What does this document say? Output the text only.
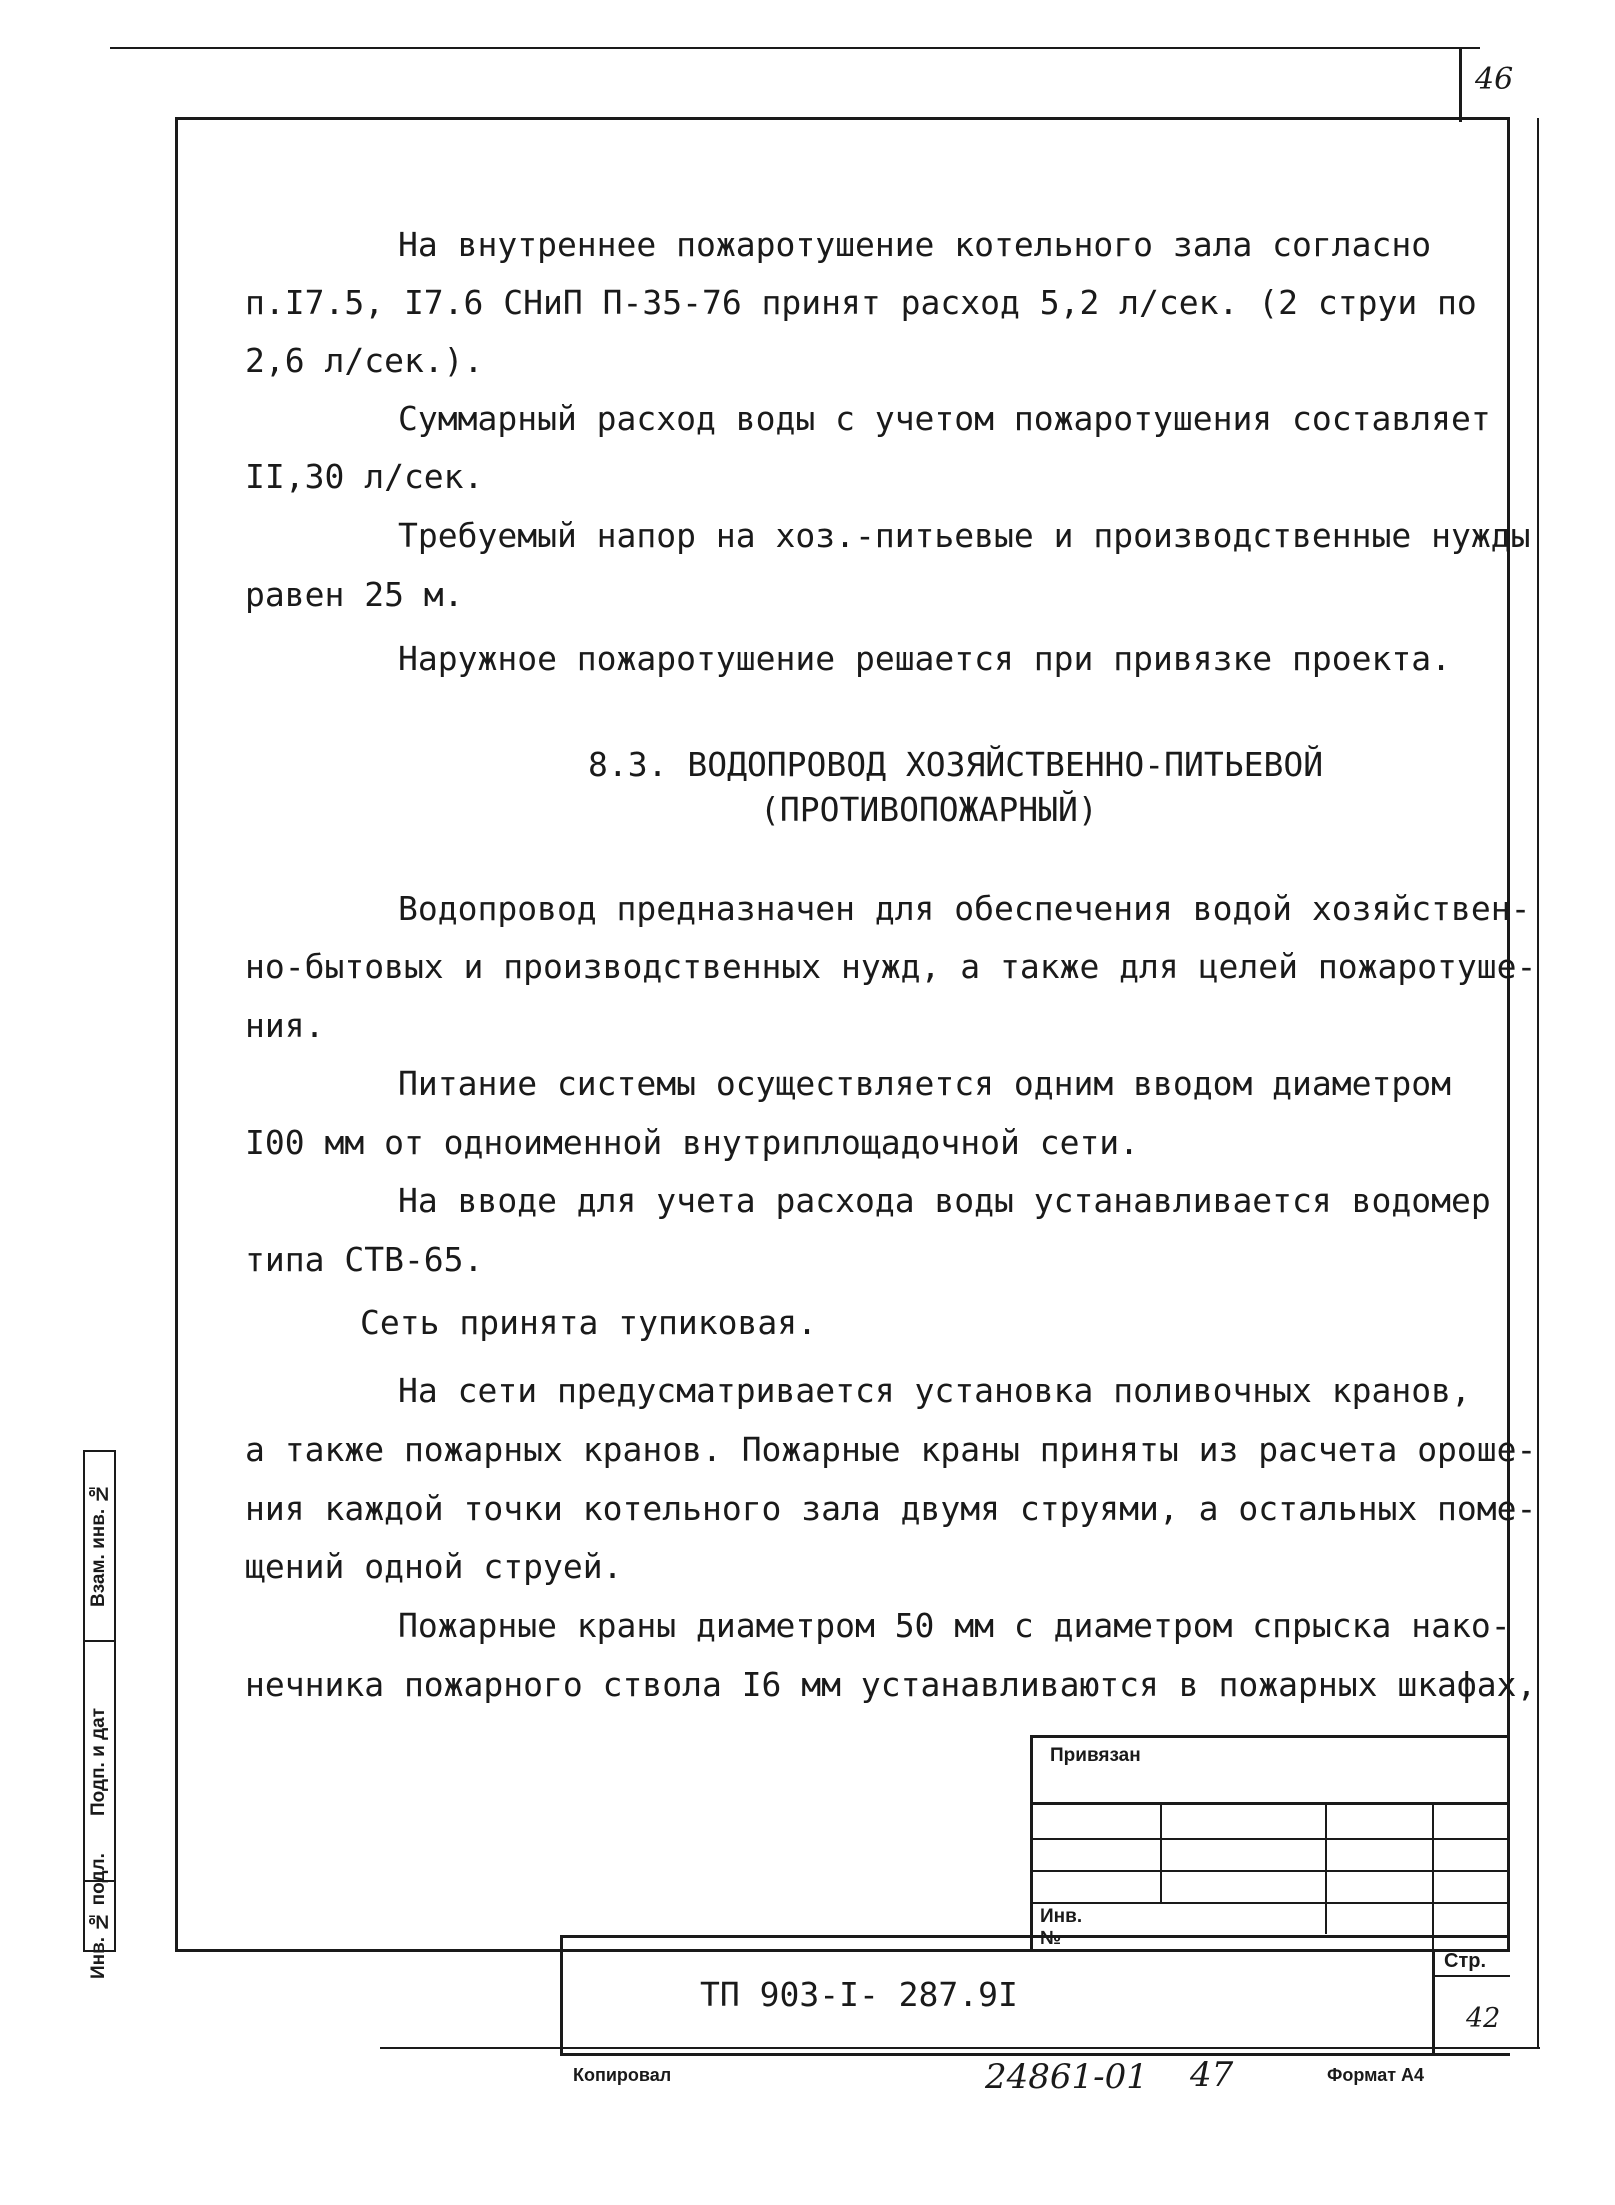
46
Взам. инв. №
Подп. и дат
Инв. № подл.
На внутреннее пожаротушение котельного зала согласно
п.I7.5, I7.6 СНиП П-35-76 принят расход 5,2 л/сек. (2 струи по
2,6 л/сек.).
Суммарный расход воды с учетом пожаротушения составляет
II,30 л/сек.
Требуемый напор на хоз.-питьевые и производственные нужды
равен 25 м.
Наружное пожаротушение решается при привязке проекта.
8.3. ВОДОПРОВОД ХОЗЯЙСТВЕННО-ПИТЬЕВОЙ
(ПРОТИВОПОЖАРНЫЙ)
Водопровод предназначен для обеспечения водой хозяйствен-
но-бытовых и производственных нужд, а также для целей пожаротуше-
ния.
Питание системы осуществляется одним вводом диаметром
I00 мм от одноименной внутриплощадочной сети.
На вводе для учета расхода воды устанавливается водомер
типа СТВ-65.
Сеть принята тупиковая.
На сети предусматривается установка поливочных кранов,
а также пожарных кранов. Пожарные краны приняты из расчета ороше-
ния каждой точки котельного зала двумя струями, а остальных поме-
щений одной струей.
Пожарные краны диаметром 50 мм с диаметром спрыска нако-
нечника пожарного ствола I6 мм устанавливаются в пожарных шкафах,
Привязан
Инв. №
ТП 903-I- 287.9I
Стр.
42
Копировал	24861-01 47	Формат А4
